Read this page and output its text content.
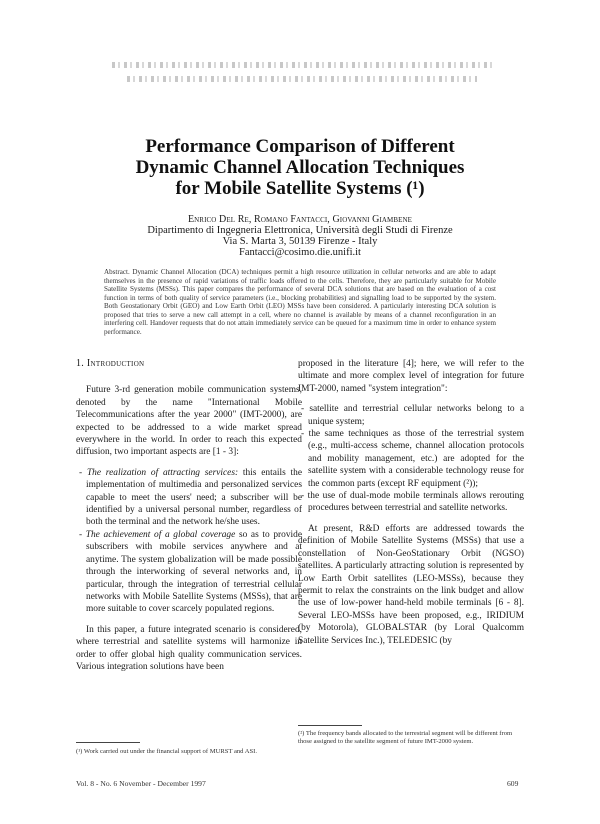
Performance Comparison of Different
Dynamic Channel Allocation Techniques
for Mobile Satellite Systems (¹)
Enrico Del Re, Romano Fantacci, Giovanni Giambene
Dipartimento di Ingegneria Elettronica, Università degli Studi di Firenze
Via S. Marta 3, 50139 Firenze - Italy
Fantacci@cosimo.die.unifi.it
Abstract. Dynamic Channel Allocation (DCA) techniques permit a high resource utilization in cellular networks and are able to adapt themselves in the presence of rapid variations of traffic loads offered to the cells. Therefore, they are particularly suitable for Mobile Satellite Systems (MSSs). This paper compares the performance of several DCA solutions that are based on the evaluation of a cost function in terms of both quality of service parameters (i.e., blocking probabilities) and signalling load to be supported by the system. Both Geostationary Orbit (GEO) and Low Earth Orbit (LEO) MSSs have been considered. A particularly interesting DCA solution is proposed that tries to serve a new call attempt in a cell, where no channel is available by means of a channel reconfiguration in an interfering cell. Handover requests that do not attain immediately service can be queued for a maximum time in order to enhance system performance.

1. Introduction

Future 3-rd generation mobile communication systems, denoted by the name "International Mobile Telecommunications after the year 2000" (IMT-2000), are expected to be addressed to a wide market spread everywhere in the world. In order to reach this expected diffusion, two important aspects are [1 - 3]:

- The realization of attracting services: this entails the implementation of multimedia and personalized services capable to meet the users' need; a subscriber will be identified by a universal personal number, regardless of both the terminal and the network he/she uses.
- The achievement of a global coverage so as to provide subscribers with mobile services anywhere and at anytime. The system globalization will be made possible through the interworking of several networks and, in particular, through the integration of terrestrial cellular networks with Mobile Satellite Systems (MSSs), that are more suitable to cover scarcely populated regions.

In this paper, a future integrated scenario is considered, where terrestrial and satellite systems will harmonize in order to offer global high quality communication services. Various integration solutions have been

proposed in the literature [4]; here, we will refer to the ultimate and more complex level of integration for future IMT-2000, named "system integration":

- satellite and terrestrial cellular networks belong to a unique system;
- the same techniques as those of the terrestrial system (e.g., multi-access scheme, channel allocation protocols and mobility management, etc.) are adopted for the satellite system with a considerable technology reuse for the common parts (except RF equipment (²));
- the use of dual-mode mobile terminals allows rerouting procedures between terrestrial and satellite networks.

At present, R&D efforts are addressed towards the definition of Mobile Satellite Systems (MSSs) that use a constellation of Non-GeoStationary Orbit (NGSO) satellites. A particularly attracting solution is represented by Low Earth Orbit satellites (LEO-MSSs), because they permit to relax the constraints on the link budget and allow the use of low-power hand-held mobile terminals [6 - 8]. Several LEO-MSSs have been proposed, e.g., IRIDIUM (by Motorola), GLOBALSTAR (by Loral Qualcomm Satellite Services Inc.), TELEDESIC (by

(¹) Work carried out under the financial support of MURST and ASI.
(²) The frequency bands allocated to the terrestrial segment will be different from those assigned to the satellite segment of future IMT-2000 system.
Vol. 8 - No. 6 November - December 1997	609
